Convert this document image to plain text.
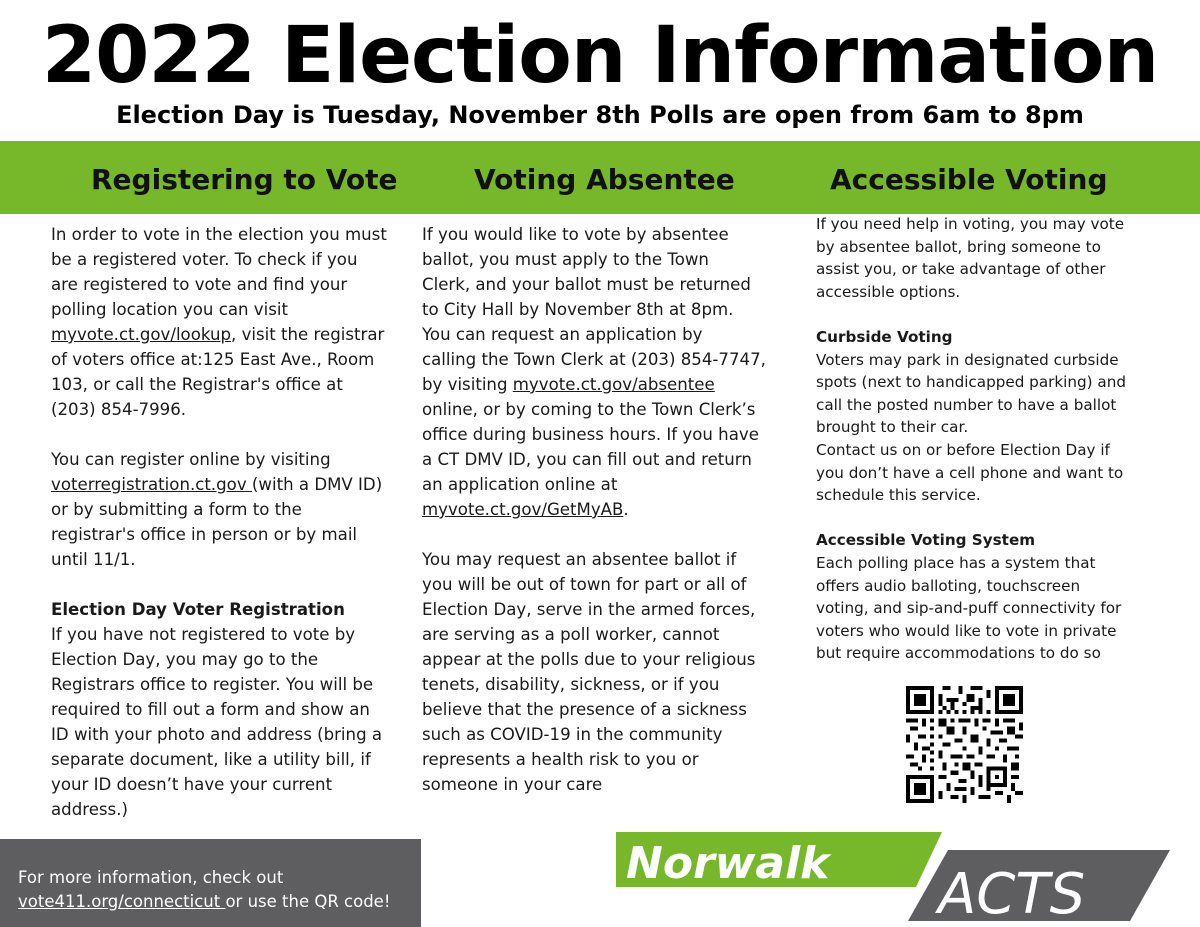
2022 Election Information
Election Day is Tuesday, November 8th Polls are open from 6am to 8pm
Registering to Vote	Voting Absentee	Accessible Voting

In order to vote in the election you must

be a registered voter. To check if you

are registered to vote and find your

polling location you can visit

myvote.ct.gov/lookup, visit the registrar

of voters office at:125 East Ave., Room

103, or call the Registrar's office at

(203) 854-7996.

You can register online by visiting

voterregistration.ct.gov (with a DMV ID)

or by submitting a form to the

registrar's office in person or by mail

until 11/1.

Election Day Voter Registration

If you have not registered to vote by

Election Day, you may go to the

Registrars office to register. You will be

required to fill out a form and show an

ID with your photo and address (bring a

separate document, like a utility bill, if

your ID doesn’t have your current

address.)

If you would like to vote by absentee

ballot, you must apply to the Town

Clerk, and your ballot must be returned

to City Hall by November 8th at 8pm.

You can request an application by

calling the Town Clerk at (203) 854-7747,

by visiting myvote.ct.gov/absentee

online, or by coming to the Town Clerk’s

office during business hours. If you have

a CT DMV ID, you can fill out and return

an application online at

myvote.ct.gov/GetMyAB.

You may request an absentee ballot if

you will be out of town for part or all of

Election Day, serve in the armed forces,

are serving as a poll worker, cannot

appear at the polls due to your religious

tenets, disability, sickness, or if you

believe that the presence of a sickness

such as COVID-19 in the community

represents a health risk to you or

someone in your care

If you need help in voting, you may vote

by absentee ballot, bring someone to

assist you, or take advantage of other

accessible options.

Curbside Voting

Voters may park in designated curbside

spots (next to handicapped parking) and

call the posted number to have a ballot

brought to their car.

Contact us on or before Election Day if

you don’t have a cell phone and want to

schedule this service.

Accessible Voting System

Each polling place has a system that

offers audio balloting, touchscreen

voting, and sip-and-puff connectivity for

voters who would like to vote in private

but require accommodations to do so

For more information, check out

vote411.org/connecticut or use the QR code!

Norwalk ACTS
